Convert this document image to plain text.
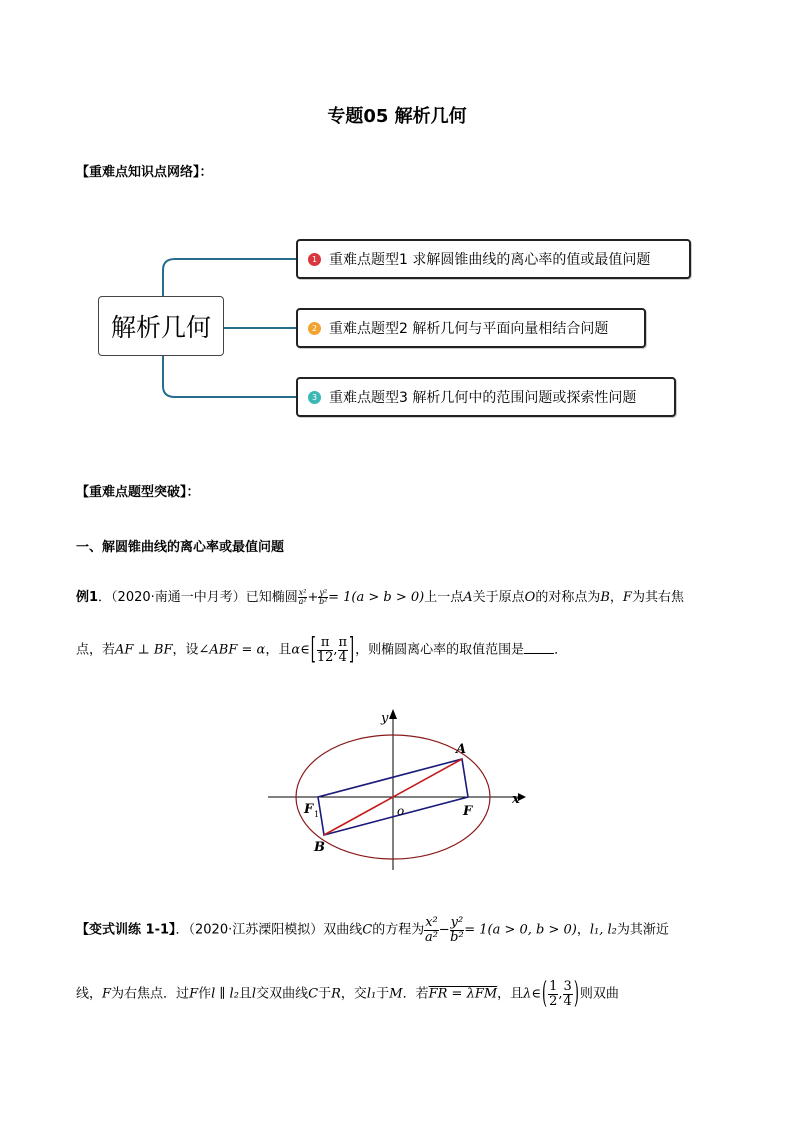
专题05 解析几何
【重难点知识点网络】：
解析几何
1 重难点题型1 求解圆锥曲线的离心率的值或最值问题
2 重难点题型2 解析几何与平面向量相结合问题
3 重难点题型3 解析几何中的范围问题或探索性问题
【重难点题型突破】：
一、解圆锥曲线的离心率或最值问题
例1．（2020·南通一中月考）已知椭圆 $\frac{\text{x²}}{\text{a²}} + \frac{\text{y²}}{\text{b²}} = 1(a > b > 0)$上一点A关于原点O的对称点为B，F为其右焦
点，若AF ⊥ BF，设∠ABF = α，且α∈[ $\frac{\pi}{12}$ , $\frac{\pi}{4}$ ]，则椭圆离心率的取值范围是 ．
y
x
A
B
F
F 1	o
【变式训练 1-1】．（2020·江苏溧阳模拟）双曲线C的方程为 $\frac{\text{x²}}{\text{a²}} - \frac{\text{y²}}{\text{b²}} = 1(a > 0$, b > 0)，l₁, l₂为其渐近
线，F为右焦点．过F作l ∥ l₂且l交双曲线C于R，交l₁于M．若FR = λFM，且λ∈( $\frac{1}{2}$ , $\frac{3}{4}$ )则双曲
